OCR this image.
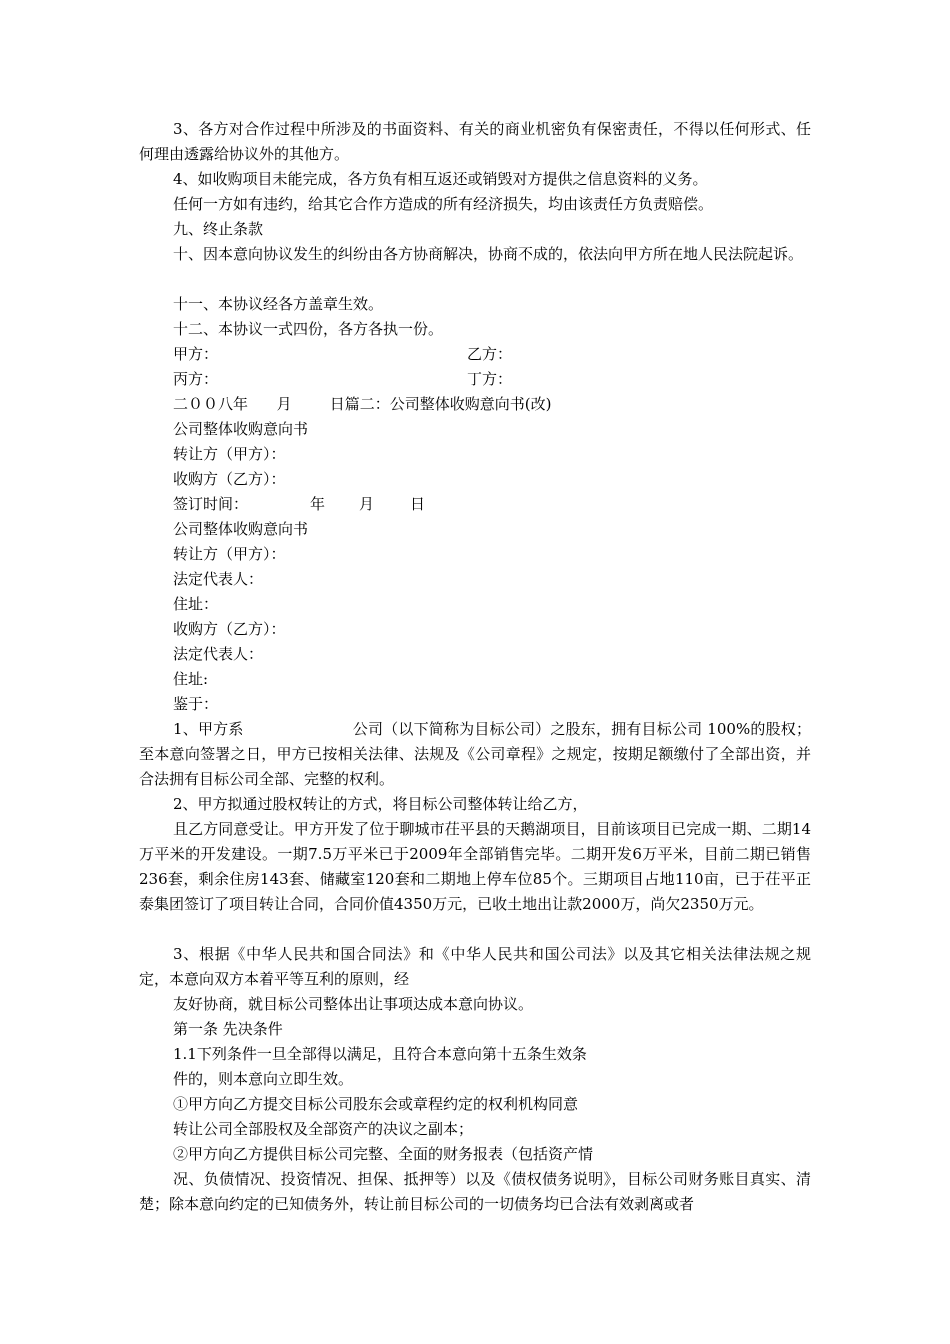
3、各方对合作过程中所涉及的书面资料、有关的商业机密负有保密责任，不得以任何形式、任何理由透露给协议外的其他方。

4、如收购项目未能完成，各方负有相互返还或销毁对方提供之信息资料的义务。

任何一方如有违约，给其它合作方造成的所有经济损失，均由该责任方负责赔偿。

九、终止条款

十、因本意向协议发生的纠纷由各方协商解决，协商不成的，依法向甲方所在地人民法院起诉。

十一、本协议经各方盖章生效。

十二、本协议一式四份，各方各执一份。

甲方：	乙方：
丙方：	丁方：

二００八年      月        日篇二：公司整体收购意向书(改)

公司整体收购意向书

转让方（甲方）：

收购方（乙方）：

签订时间：	年 月 日

公司整体收购意向书

转让方（甲方）：

法定代表人：

住址：

收购方（乙方）：

法定代表人：

住址:

鉴于：

1、甲方系                      公司（以下简称为目标公司）之股东，拥有目标公司 100%的股权；至本意向签署之日，甲方已按相关法律、法规及《公司章程》之规定，按期足额缴付了全部出资，并合法拥有目标公司全部、完整的权利。

2、甲方拟通过股权转让的方式，将目标公司整体转让给乙方，

且乙方同意受让。甲方开发了位于聊城市茌平县的天鹅湖项目，目前该项目已完成一期、二期14万平米的开发建设。一期7.5万平米已于2009年全部销售完毕。二期开发6万平米，目前二期已销售236套，剩余住房143套、储藏室120套和二期地上停车位85个。三期项目占地110亩，已于茌平正泰集团签订了项目转让合同，合同价值4350万元，已收土地出让款2000万，尚欠2350万元。

3、根据《中华人民共和国合同法》和《中华人民共和国公司法》以及其它相关法律法规之规定，本意向双方本着平等互利的原则，经

友好协商，就目标公司整体出让事项达成本意向协议。

第一条 先决条件

1.1下列条件一旦全部得以满足，且符合本意向第十五条生效条

件的，则本意向立即生效。

①甲方向乙方提交目标公司股东会或章程约定的权利机构同意

转让公司全部股权及全部资产的决议之副本；

②甲方向乙方提供目标公司完整、全面的财务报表（包括资产情

况、负债情况、投资情况、担保、抵押等）以及《债权债务说明》，目标公司财务账目真实、清楚；除本意向约定的已知债务外，转让前目标公司的一切债务均已合法有效剥离或者
